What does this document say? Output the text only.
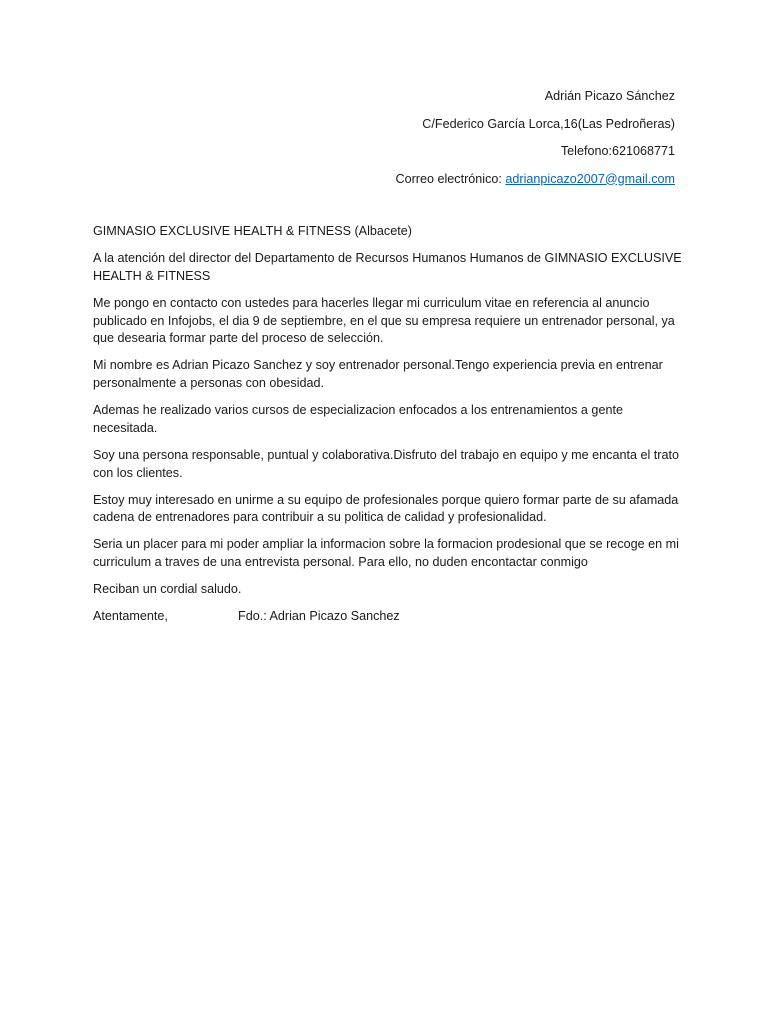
Adrián Picazo Sánchez
C/Federico García Lorca,16(Las Pedroñeras)
Telefono:621068771
Correo electrónico: adrianpicazo2007@gmail.com

GIMNASIO EXCLUSIVE HEALTH & FITNESS (Albacete)

A la atención del director del Departamento de Recursos Humanos Humanos de GIMNASIO EXCLUSIVE HEALTH & FITNESS

Me pongo en contacto con ustedes para hacerles llegar mi curriculum vitae en referencia al anuncio publicado en Infojobs, el dia 9 de septiembre, en el que su empresa requiere un entrenador personal, ya que desearia formar parte del proceso de selección.

Mi nombre es Adrian Picazo Sanchez y soy entrenador personal.Tengo experiencia previa en entrenar personalmente a personas con obesidad.

Ademas he realizado varios cursos de especializacion enfocados a los entrenamientos a gente necesitada.

Soy una persona responsable, puntual y colaborativa.Disfruto del trabajo en equipo y me encanta el trato con los clientes.

Estoy muy interesado en unirme a su equipo de profesionales porque quiero formar parte de su afamada cadena de entrenadores para contribuir a su politica de calidad y profesionalidad.

Seria un placer para mi poder ampliar la informacion sobre la formacion prodesional que se recoge en mi curriculum a traves de una entrevista personal. Para ello, no duden encontactar conmigo

Reciban un cordial saludo.

Atentamente,	Fdo.: Adrian Picazo Sanchez
